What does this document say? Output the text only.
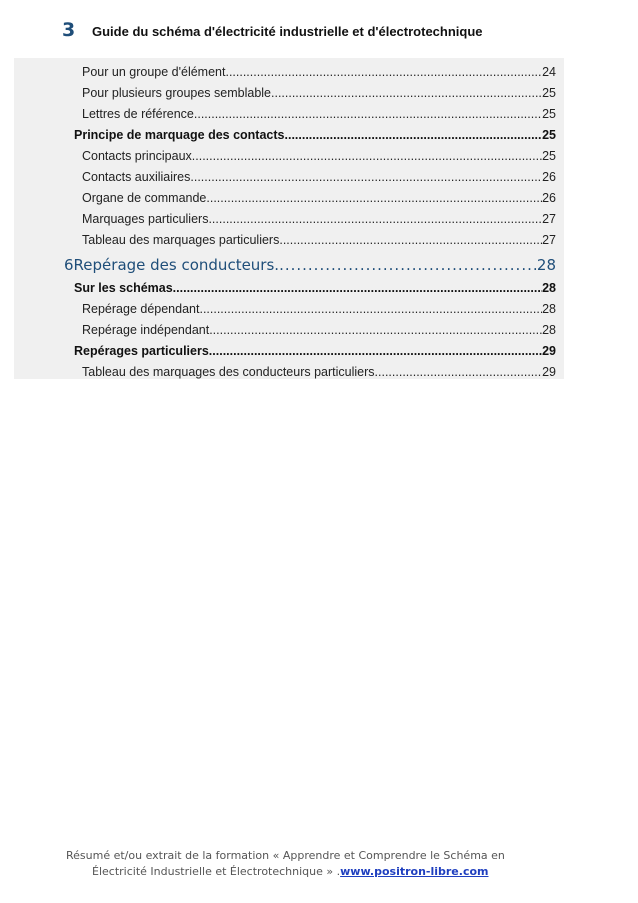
3	Guide du schéma d'électricité industrielle et d'électrotechnique
Pour un groupe d'élément. .....	24
Pour plusieurs groupes semblable .....	25
Lettres de référence .....	25
Principe de marquage des contacts. .....	25
Contacts principaux .....	25
Contacts auxiliaires .....	26
Organe de commande .....	26
Marquages particuliers .....	27
Tableau des marquages particuliers .....	27
6 Repérage des conducteurs. .....	28
Sur les schémas. .....	28
Repérage dépendant .....	28
Repérage indépendant .....	28
Repérages particuliers .....	29
Tableau des marquages des conducteurs particuliers .....	29
Résumé et/ou extrait de la formation « Apprendre et Comprendre le Schéma en
Électricité Industrielle et Électrotechnique » .www.positron-libre.com
